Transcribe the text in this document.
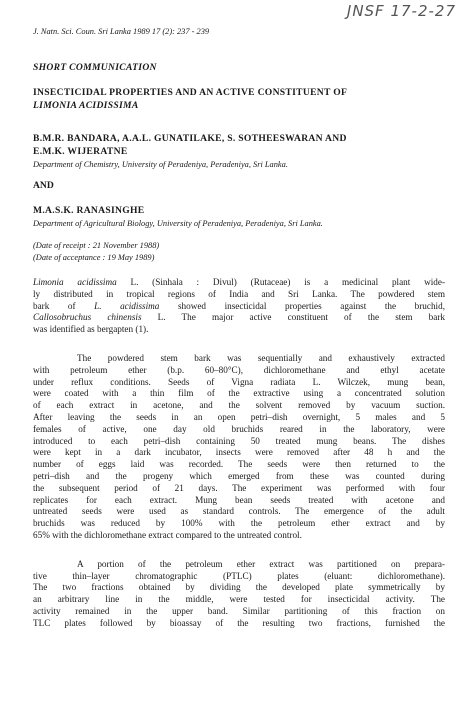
JNSF 17-2-27
J. Natn. Sci. Coun. Sri Lanka 1989 17 (2): 237 - 239
SHORT COMMUNICATION
INSECTICIDAL PROPERTIES AND AN ACTIVE CONSTITUENT OF
LIMONIA ACIDISSIMA
B.M.R. BANDARA, A.A.L. GUNATILAKE, S. SOTHEESWARAN AND
E.M.K. WIJERATNE
Department of Chemistry, University of Peradeniya, Peradeniya, Sri Lanka.
AND
M.A.S.K. RANASINGHE
Department of Agricultural Biology, University of Peradeniya, Peradeniya, Sri Lanka.
(Date of receipt : 21 November 1988)
(Date of acceptance : 19 May 1989)

Limonia acidissima L. (Sinhala : Divul) (Rutaceae) is a medicinal plant wide-

ly distributed in tropical regions of India and Sri Lanka. The powdered stem

bark of L. acidissima showed insecticidal properties against the bruchid,

Callosobruchus chinensis L. The major active constituent of the stem bark

was identified as bergapten (1).

The powdered stem bark was sequentially and exhaustively extracted

with petroleum ether (b.p. 60–80°C), dichloromethane and ethyl acetate

under reflux conditions. Seeds of Vigna radiata L. Wilczek, mung bean,

were coated with a thin film of the extractive using a concentrated solution

of each extract in acetone, and the solvent removed by vacuum suction.

After leaving the seeds in an open petri–dish overnight, 5 males and 5

females of active, one day old bruchids reared in the laboratory, were

introduced to each petri–dish containing 50 treated mung beans. The dishes

were kept in a dark incubator, insects were removed after 48 h and the

number of eggs laid was recorded. The seeds were then returned to the

petri–dish and the progeny which emerged from these was counted during

the subsequent period of 21 days. The experiment was performed with four

replicates for each extract. Mung bean seeds treated with acetone and

untreated seeds were used as standard controls. The emergence of the adult

bruchids was reduced by 100% with the petroleum ether extract and by

65% with the dichloromethane extract compared to the untreated control.

A portion of the petroleum ether extract was partitioned on prepara-

tive thin–layer chromatographic (PTLC) plates (eluant: dichloromethane).

The two fractions obtained by dividing the developed plate symmetrically by

an arbitrary line in the middle, were tested for insecticidal activity. The

activity remained in the upper band. Similar partitioning of this fraction on

TLC plates followed by bioassay of the resulting two fractions, furnished the
